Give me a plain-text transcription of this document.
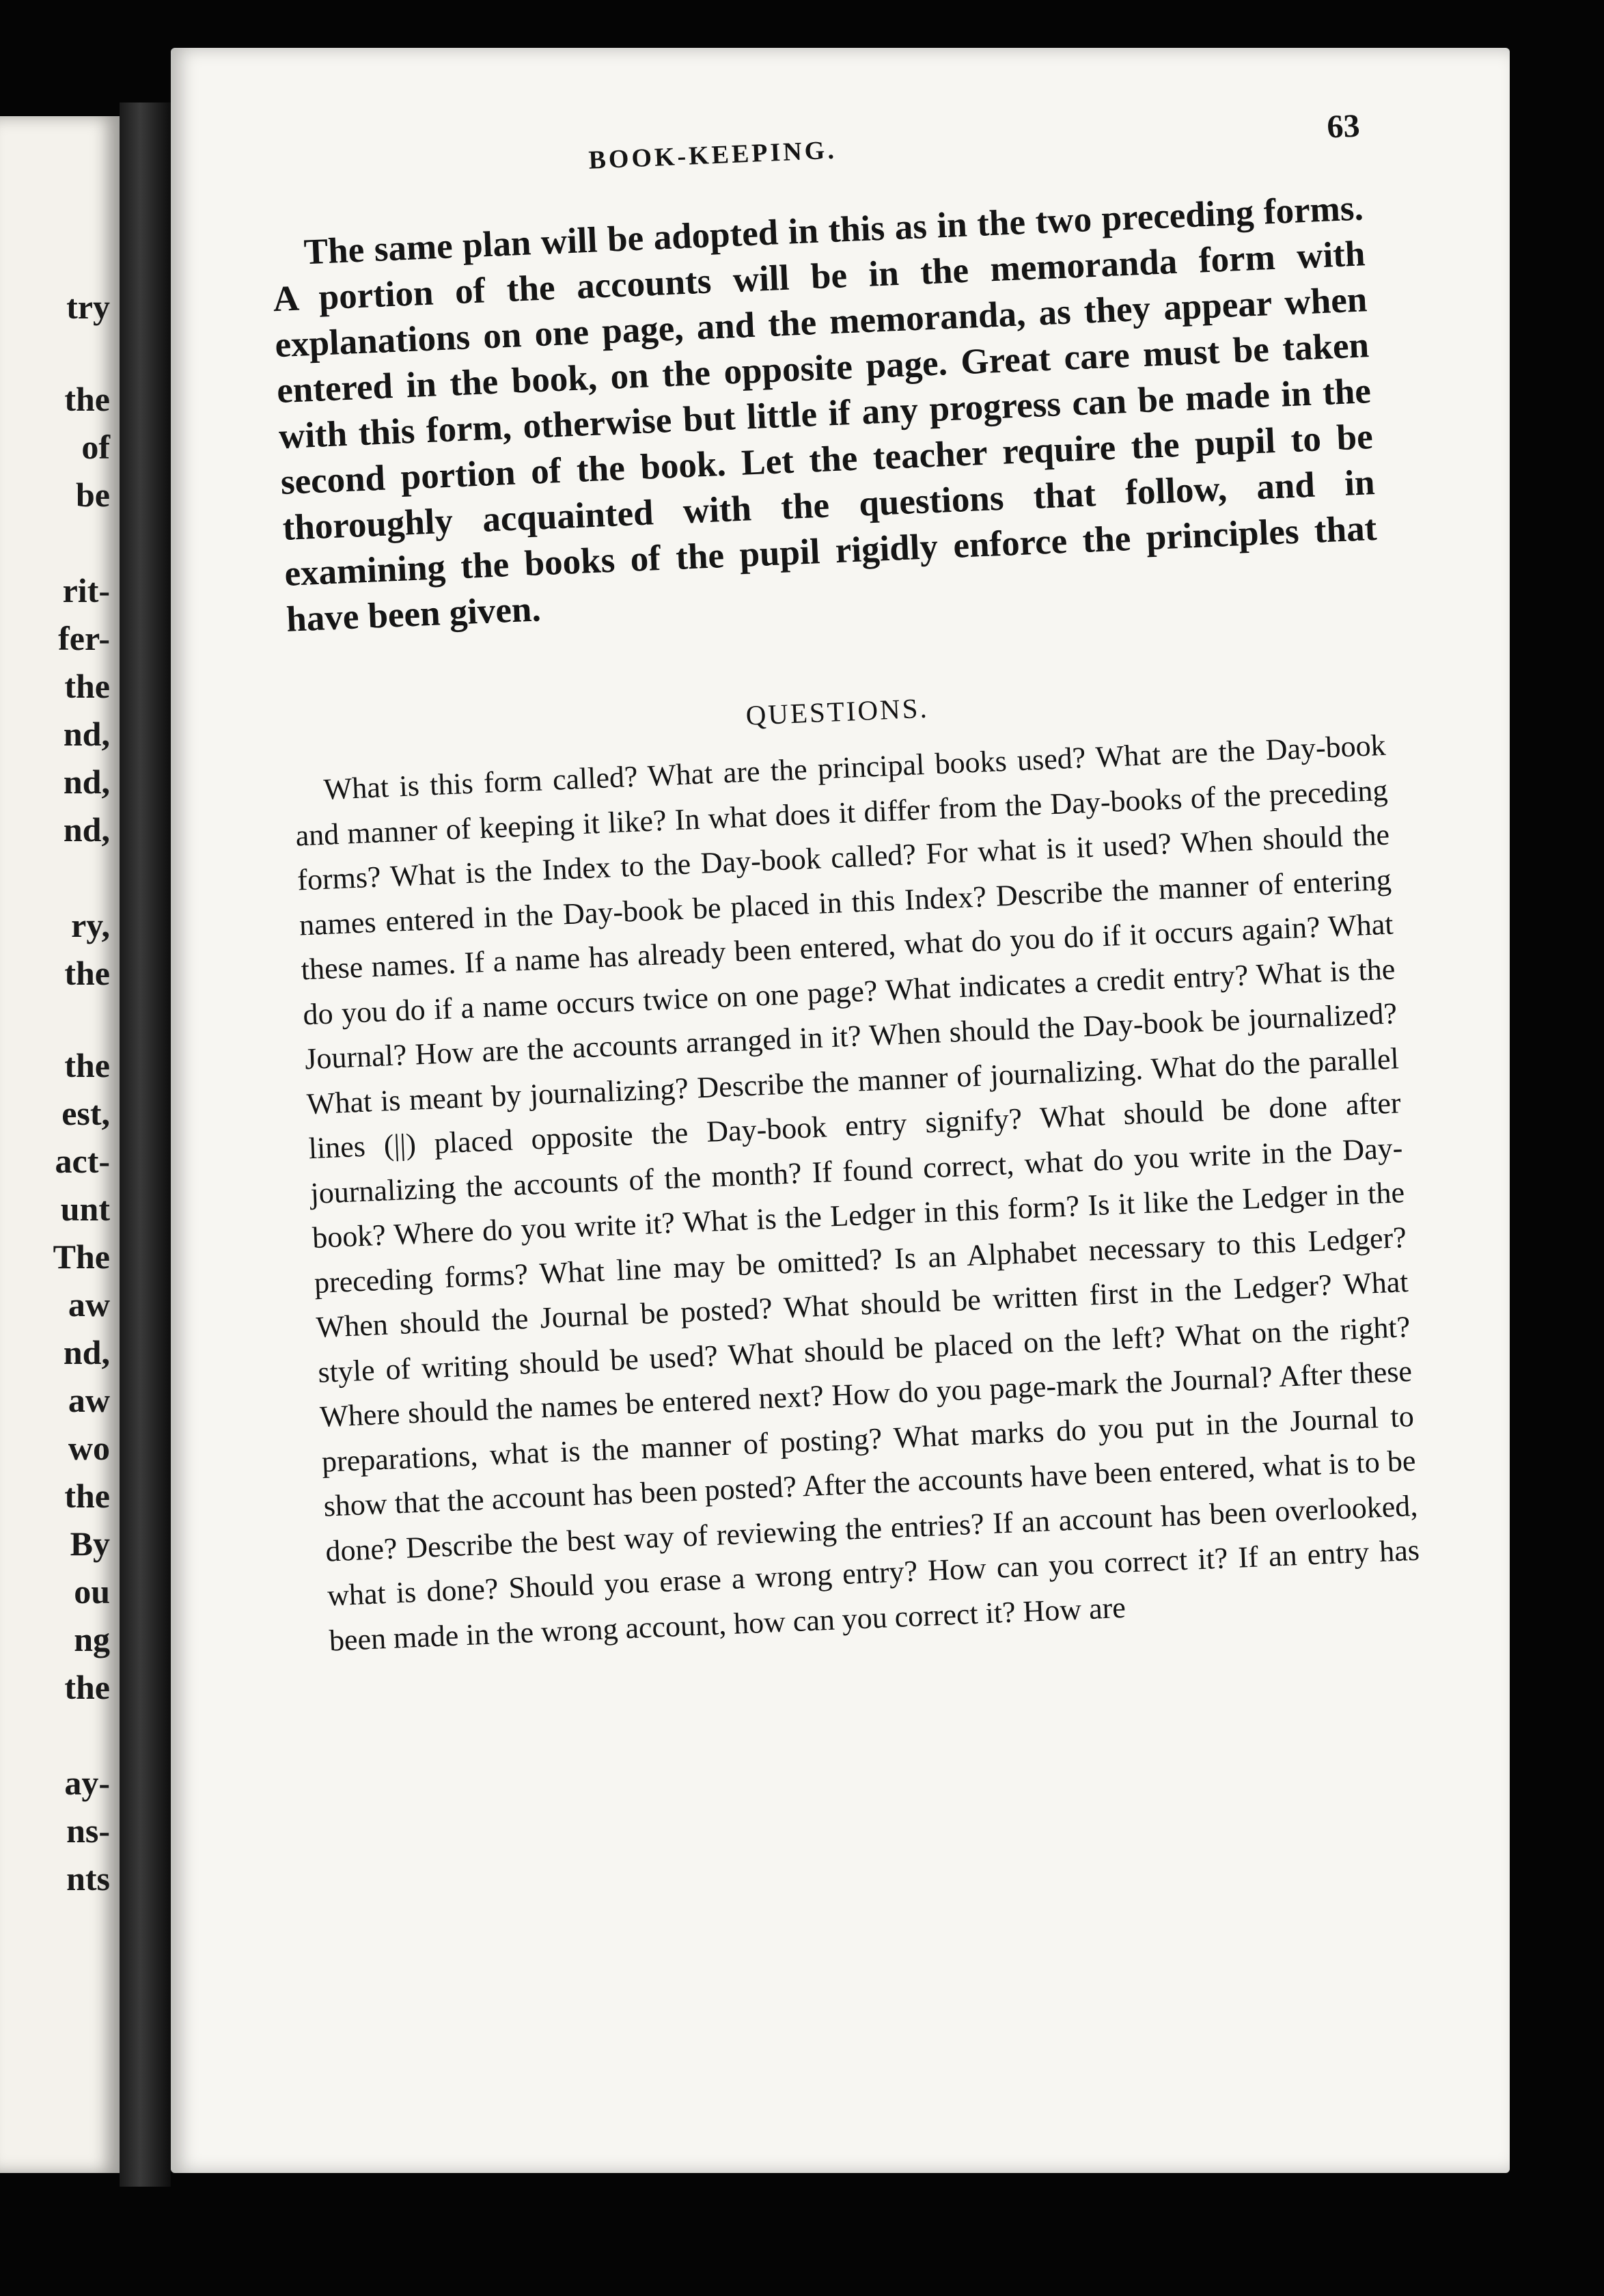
try

the

of

be

rit-

fer-

the

nd,

nd,

nd,

ry,

the

the

est,

act-

unt

The

aw

nd,

aw

wo

the

By

ou

ng

the

ay-

ns-

nts

BOOK-KEEPING.
63

The same plan will be adopted in this as in the two preceding forms. A portion of the accounts will be in the memoranda form with explanations on one page, and the memoranda, as they appear when entered in the book, on the opposite page. Great care must be taken with this form, otherwise but little if any progress can be made in the second portion of the book. Let the teacher require the pupil to be thoroughly acquainted with the questions that follow, and in examining the books of the pupil rigidly enforce the principles that have been given.

QUESTIONS.

What is this form called? What are the principal books used? What are the Day-book and manner of keeping it like? In what does it differ from the Day-books of the preceding forms? What is the Index to the Day-book called? For what is it used? When should the names entered in the Day-book be placed in this Index? Describe the manner of entering these names. If a name has already been entered, what do you do if it occurs again? What do you do if a name occurs twice on one page? What indicates a credit entry? What is the Journal? How are the accounts arranged in it? When should the Day-book be journalized? What is meant by journalizing? Describe the manner of journalizing. What do the parallel lines (||) placed opposite the Day-book entry signify? What should be done after journalizing the accounts of the month? If found correct, what do you write in the Day-book? Where do you write it? What is the Ledger in this form? Is it like the Ledger in the preceding forms? What line may be omitted? Is an Alphabet necessary to this Ledger? When should the Journal be posted? What should be written first in the Ledger? What style of writing should be used? What should be placed on the left? What on the right? Where should the names be entered next? How do you page-mark the Journal? After these preparations, what is the manner of posting? What marks do you put in the Journal to show that the account has been posted? After the accounts have been entered, what is to be done? Describe the best way of reviewing the entries? If an account has been overlooked, what is done? Should you erase a wrong entry? How can you correct it? If an entry has been made in the wrong account, how can you correct it? How are
